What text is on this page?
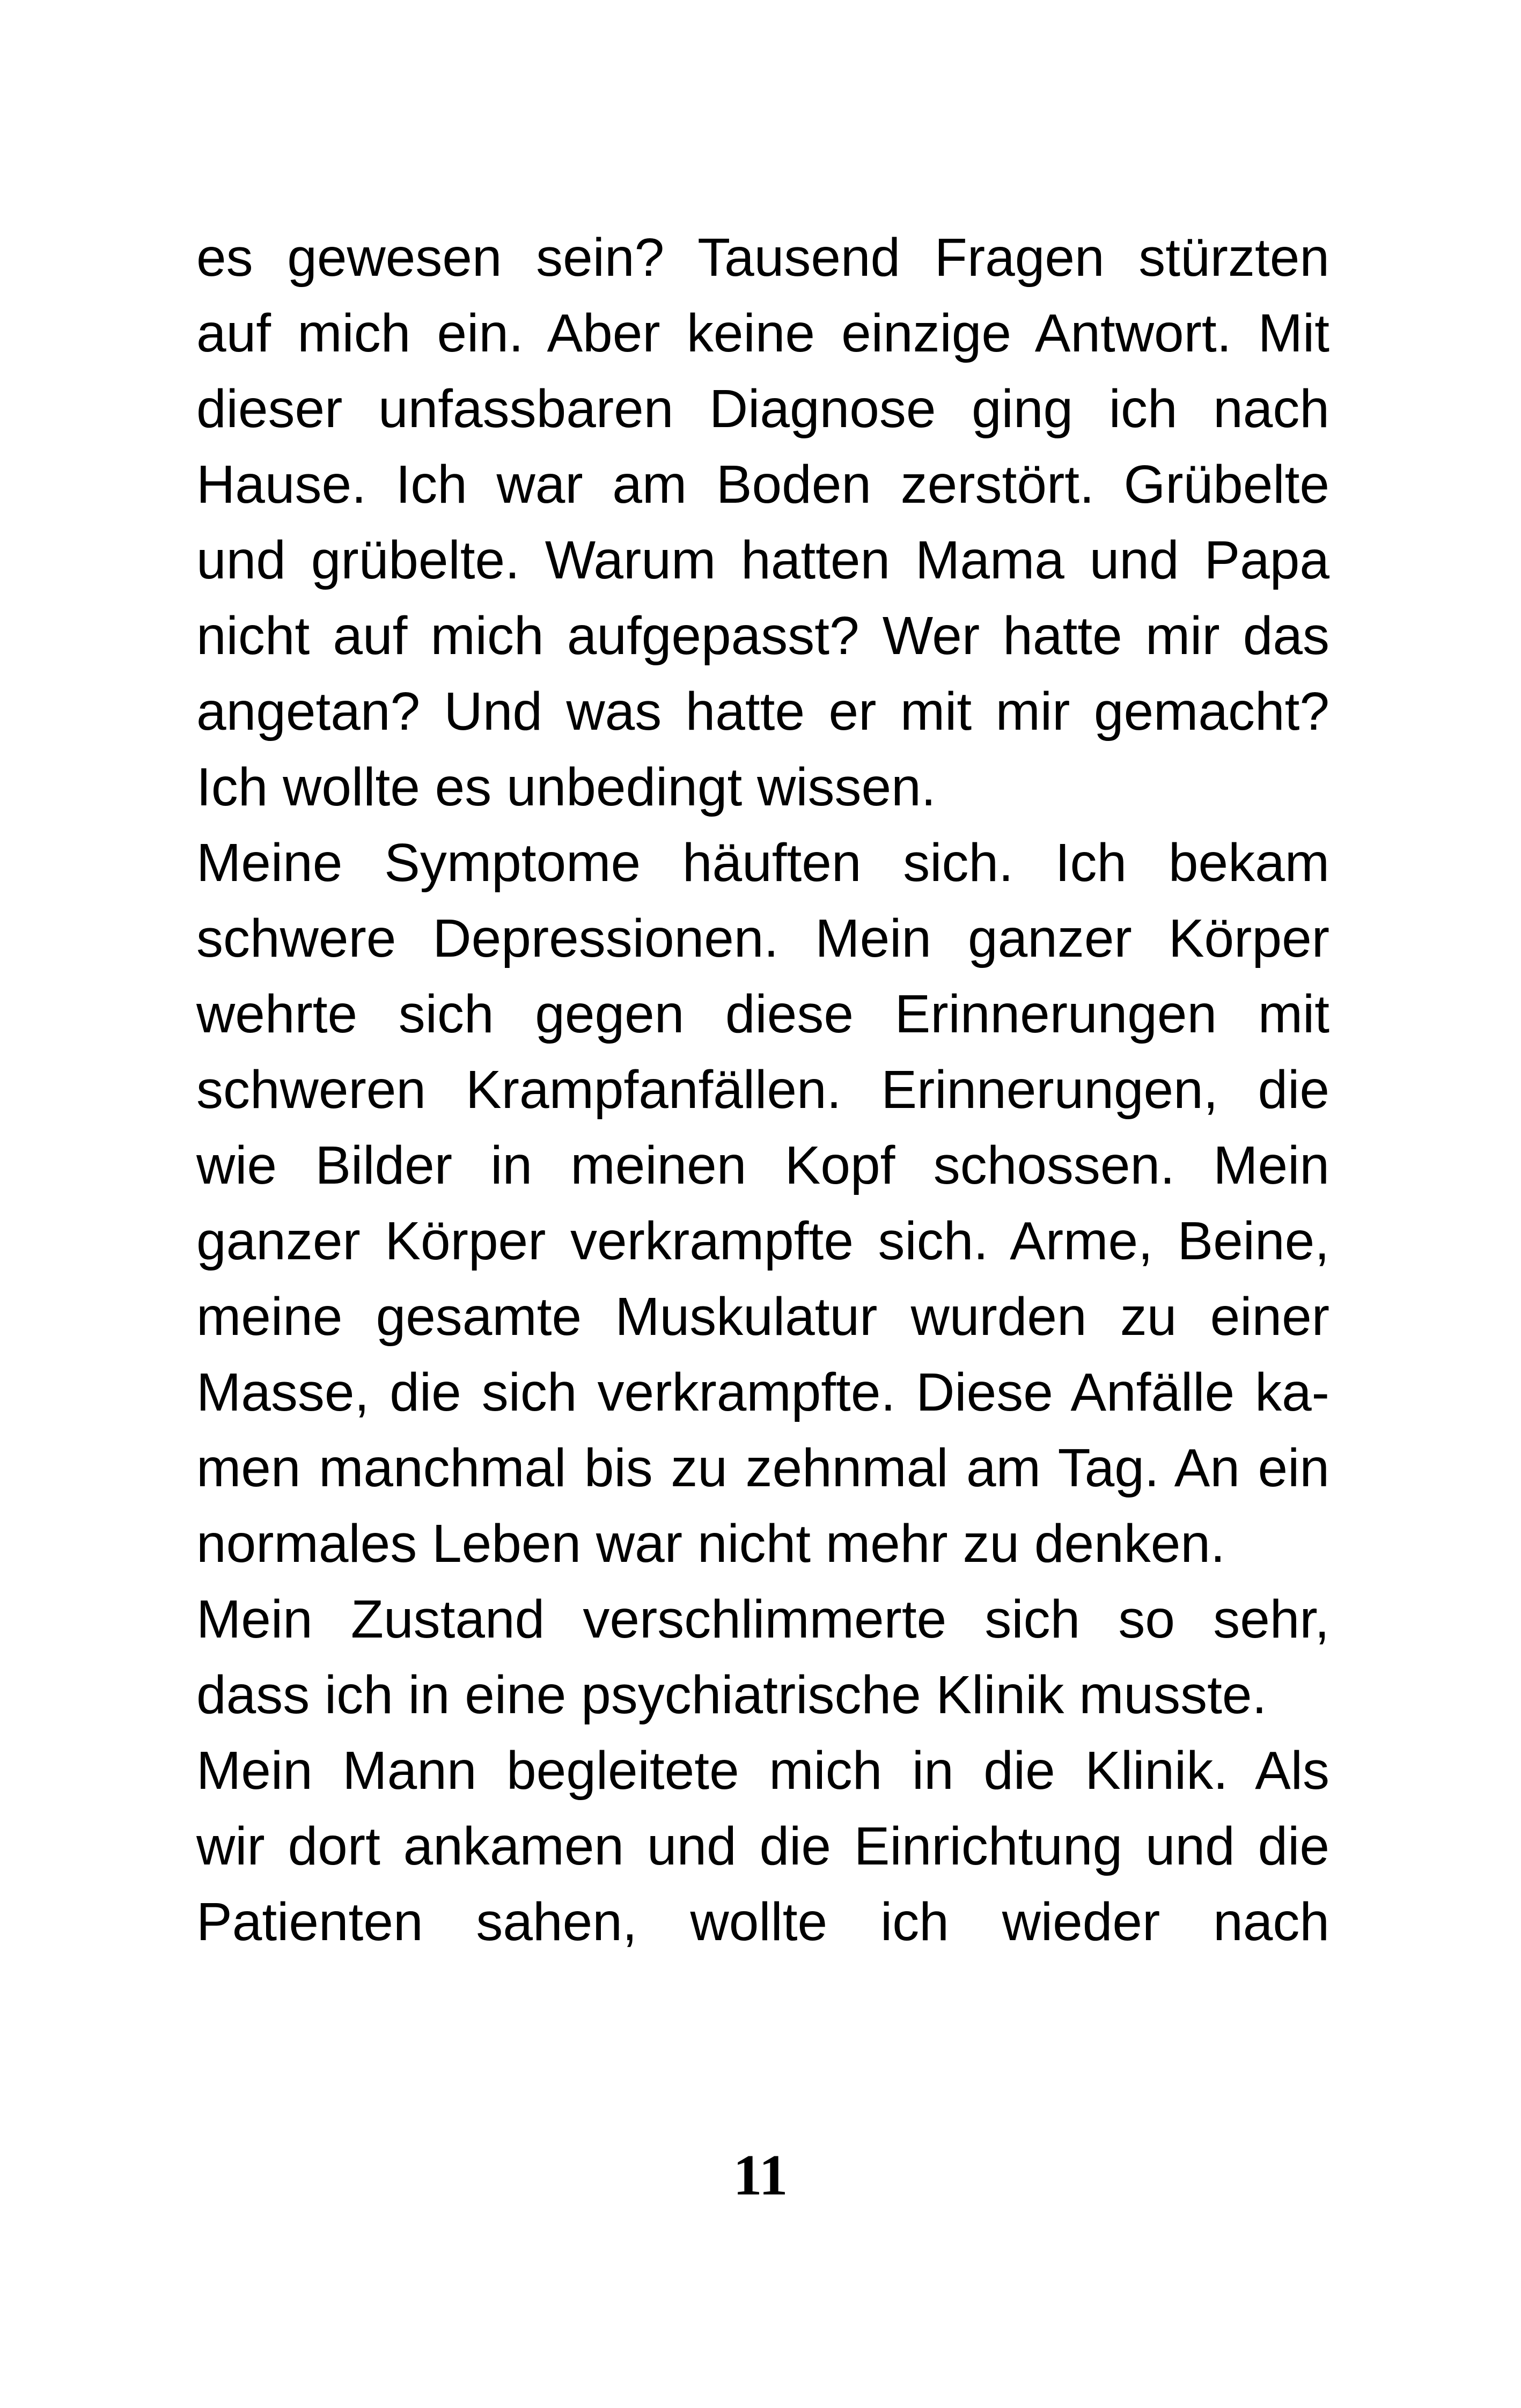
es gewesen sein? Tausend Fragen stürzten
auf mich ein. Aber keine einzige Antwort. Mit
dieser unfassbaren Diagnose ging ich nach
Hause. Ich war am Boden zerstört. Grübelte
und grübelte. Warum hatten Mama und Papa
nicht auf mich aufgepasst? Wer hatte mir das
angetan? Und was hatte er mit mir gemacht?
Ich wollte es unbedingt wissen.
Meine Symptome häuften sich. Ich bekam
schwere Depressionen. Mein ganzer Körper
wehrte sich gegen diese Erinnerungen mit
schweren Krampfanfällen. Erinnerungen, die
wie Bilder in meinen Kopf schossen. Mein
ganzer Körper verkrampfte sich. Arme, Beine,
meine gesamte Muskulatur wurden zu einer
Masse, die sich verkrampfte. Diese Anfälle ka-
men manchmal bis zu zehnmal am Tag. An ein
normales Leben war nicht mehr zu denken.
Mein Zustand verschlimmerte sich so sehr,
dass ich in eine psychiatrische Klinik musste.
Mein Mann begleitete mich in die Klinik. Als
wir dort ankamen und die Einrichtung und die
Patienten sahen, wollte ich wieder nach
11
